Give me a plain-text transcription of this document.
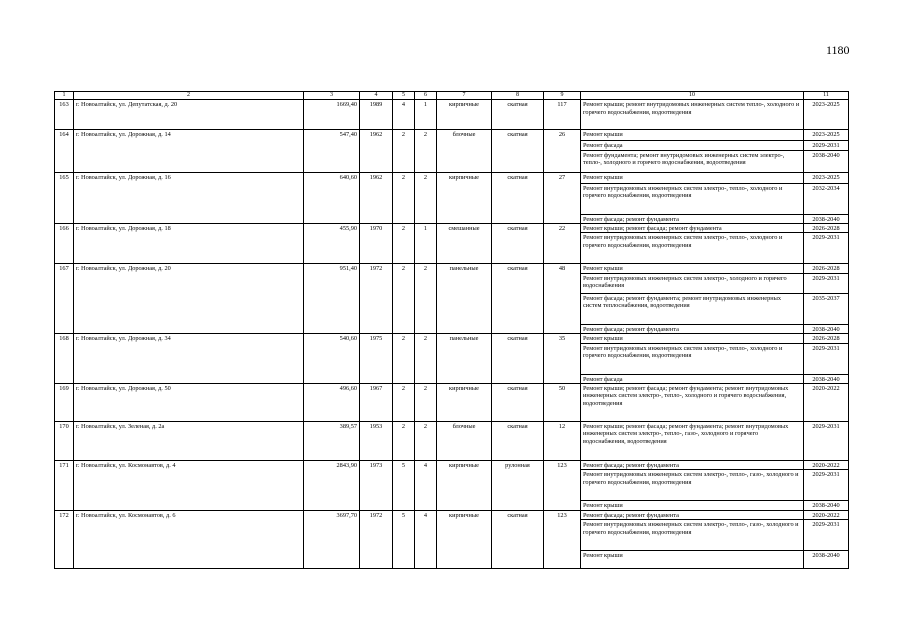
1180
1	2	3	4	5	6	7	8	9	10	11
163	г. Новоалтайск, ул. Депутатская, д. 20	1669,40	1989	4	1	кирпичные	скатная	117	Ремонт крыши; ремонт внутридомовых инженерных систем тепло-, холодного и горячего водоснабжения, водоотведения	2023-2025
164	г. Новоалтайск, ул. Дорожная, д. 14	547,40	1962	2	2	блочные	скатная	26	Ремонт крыши	2023-2025
									Ремонт фасада	2029-2031
									Ремонт фундамента; ремонт внутридомовых инженерных систем электро-, тепло-, холодного и горячего водоснабжения, водоотведения	2038-2040
165	г. Новоалтайск, ул. Дорожная, д. 16	640,60	1962	2	2	кирпичные	скатная	27	Ремонт крыши	2023-2025
									Ремонт внутридомовых инженерных систем электро-, тепло-, холодного и горячего водоснабжения, водоотведения	2032-2034
									Ремонт фасада; ремонт фундамента	2038-2040
166	г. Новоалтайск, ул. Дорожная, д. 18	455,90	1970	2	1	смешанные	скатная	22	Ремонт крыши; ремонт фасада; ремонт фундамента	2026-2028
									Ремонт внутридомовых инженерных систем электро-, тепло-, холодного и горячего водоснабжения, водоотведения	2029-2031
167	г. Новоалтайск, ул. Дорожная, д. 20	951,40	1972	2	2	панельные	скатная	48	Ремонт крыши	2026-2028
									Ремонт внутридомовых инженерных систем электро-, холодного и горячего водоснабжения	2029-2031
									Ремонт фасада; ремонт фундамента; ремонт внутридомовых инженерных систем теплоснабжения, водоотведения	2035-2037
									Ремонт фасада; ремонт фундамента	2038-2040
168	г. Новоалтайск, ул. Дорожная, д. 34	540,60	1975	2	2	панельные	скатная	35	Ремонт крыши	2026-2028
									Ремонт внутридомовых инженерных систем электро-, тепло-, холодного и горячего водоснабжения, водоотведения	2029-2031
									Ремонт фасада	2038-2040
169	г. Новоалтайск, ул. Дорожная, д. 50	496,60	1967	2	2	кирпичные	скатная	50	Ремонт крыши; ремонт фасада; ремонт фундамента; ремонт внутридомовых инженерных систем электро-, тепло-, холодного и горячего водоснабжения, водоотведения	2020-2022
170	г. Новоалтайск, ул. Зеленая, д. 2а	389,57	1953	2	2	блочные	скатная	12	Ремонт крыши; ремонт фасада; ремонт фундамента; ремонт внутридомовых инженерных систем электро-, тепло-, газо-, холодного и горячего водоснабжения, водоотведения	2029-2031
171	г. Новоалтайск, ул. Космонавтов, д. 4	2843,90	1973	5	4	кирпичные	рулонная	123	Ремонт фасада; ремонт фундамента	2020-2022
									Ремонт внутридомовых инженерных систем электро-, тепло-, газо-, холодного и горячего водоснабжения, водоотведения	2029-2031
									Ремонт крыши	2038-2040
172	г. Новоалтайск, ул. Космонавтов, д. 6	3697,70	1972	5	4	кирпичные	скатная	123	Ремонт фасада; ремонт фундамента	2020-2022
									Ремонт внутридомовых инженерных систем электро-, тепло-, газо-, холодного и горячего водоснабжения, водоотведения	2029-2031
									Ремонт крыши	2038-2040
